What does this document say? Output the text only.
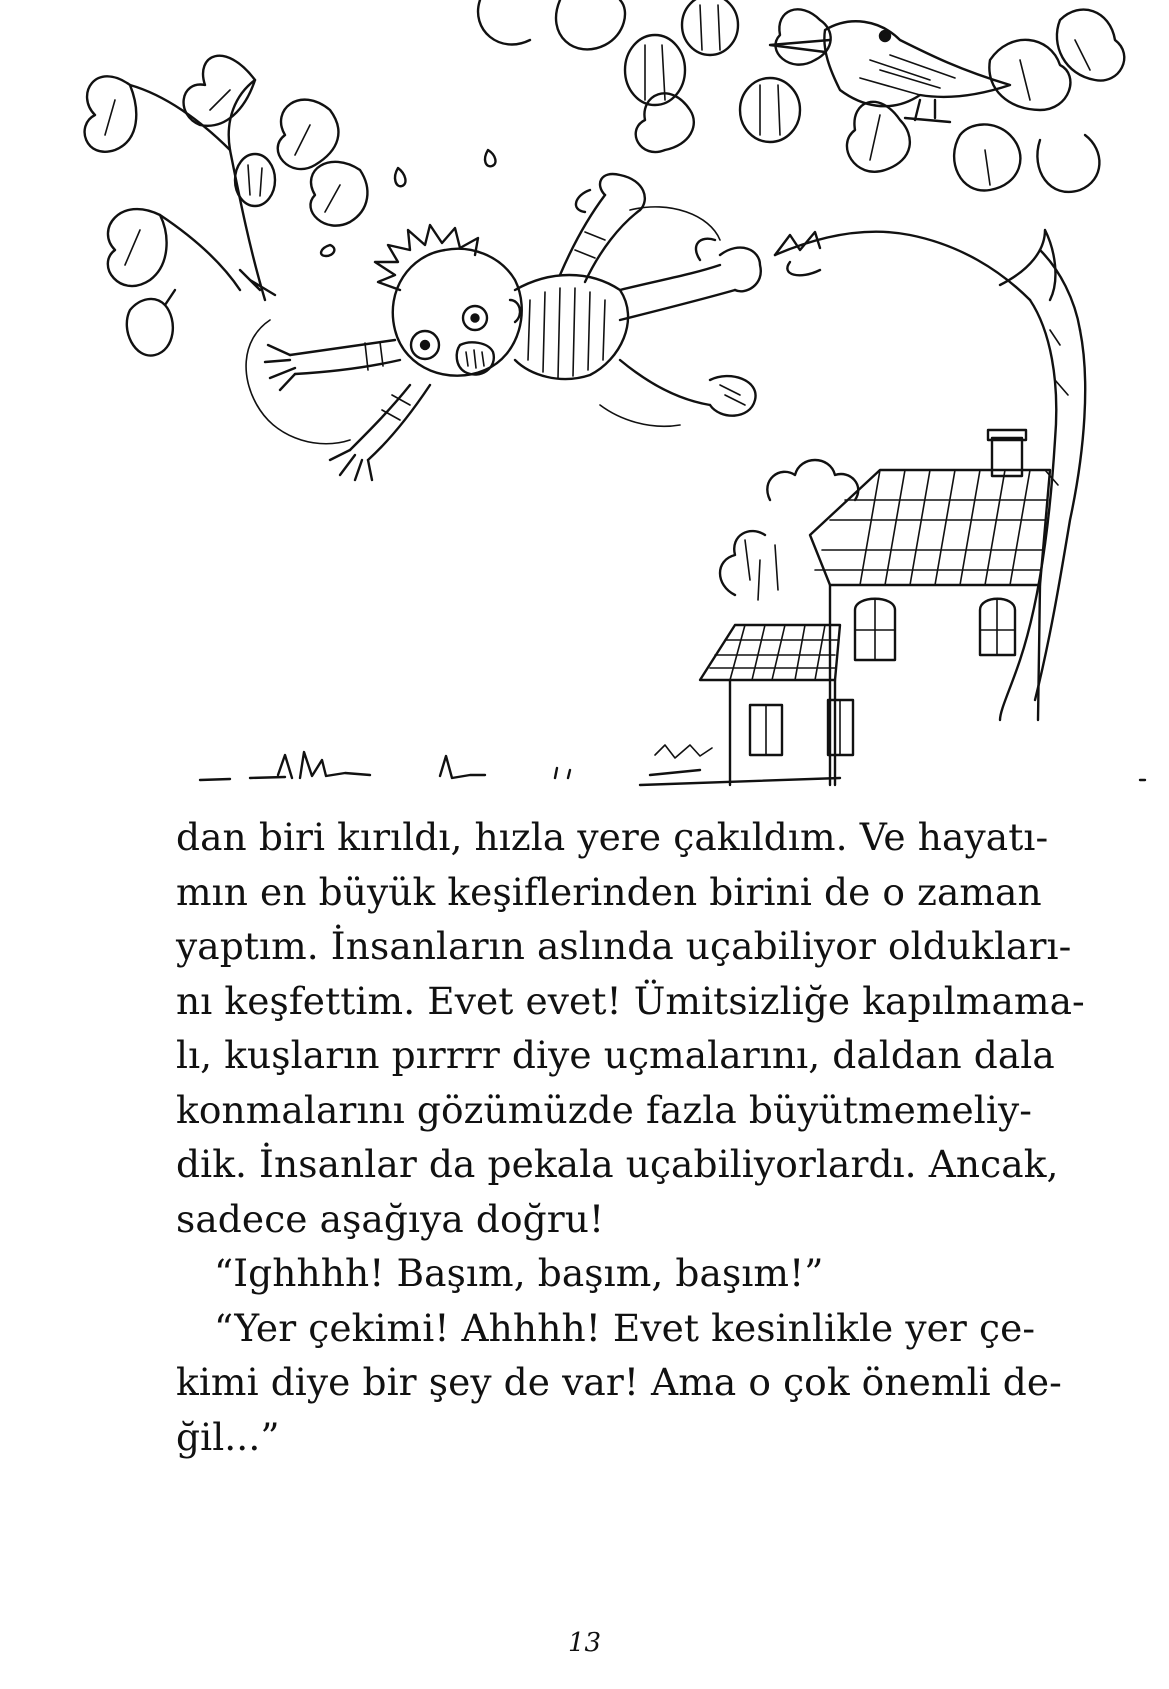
dan biri kırıldı, hızla yere çakıldım. Ve hayatı-
mın en büyük keşiflerinden birini de o zaman
yaptım. İnsanların aslında uçabiliyor oldukları-
nı keşfettim. Evet evet! Ümitsizliğe kapılmama-
lı, kuşların pırrrr diye uçmalarını, daldan dala
konmalarını gözümüzde fazla büyütmemeliy-
dik. İnsanlar da pekala uçabiliyorlardı. Ancak,
sadece aşağıya doğru!
“Ighhhh! Başım, başım, başım!”
“Yer çekimi! Ahhhh! Evet kesinlikle yer çe-
kimi diye bir şey de var! Ama o çok önemli de-
ğil...”
13
